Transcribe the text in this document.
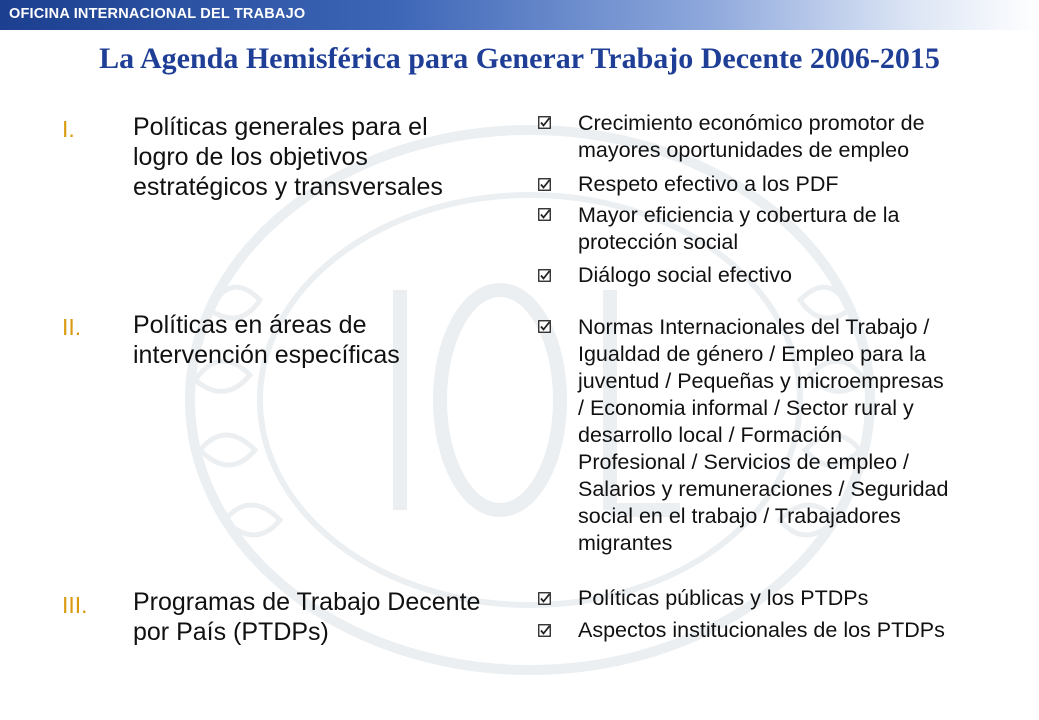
OFICINA INTERNACIONAL DEL TRABAJO
La Agenda Hemisférica para Generar Trabajo Decente 2006-2015
I. Políticas generales para el
logro de los objetivos
estratégicos y transversales
Crecimiento económico promotor de
mayores oportunidades de empleo
Respeto efectivo a los PDF
Mayor eficiencia y cobertura de la
protección social
Diálogo social efectivo
II. Políticas en áreas de
intervención específicas
Normas Internacionales del Trabajo /
Igualdad de género / Empleo para la
juventud / Pequeñas y microempresas
/ Economia informal / Sector rural y
desarrollo local / Formación
Profesional / Servicios de empleo /
Salarios y remuneraciones / Seguridad
social en el trabajo / Trabajadores
migrantes
III. Programas de Trabajo Decente
por País (PTDPs)
Políticas públicas y los PTDPs
Aspectos institucionales de los PTDPs
